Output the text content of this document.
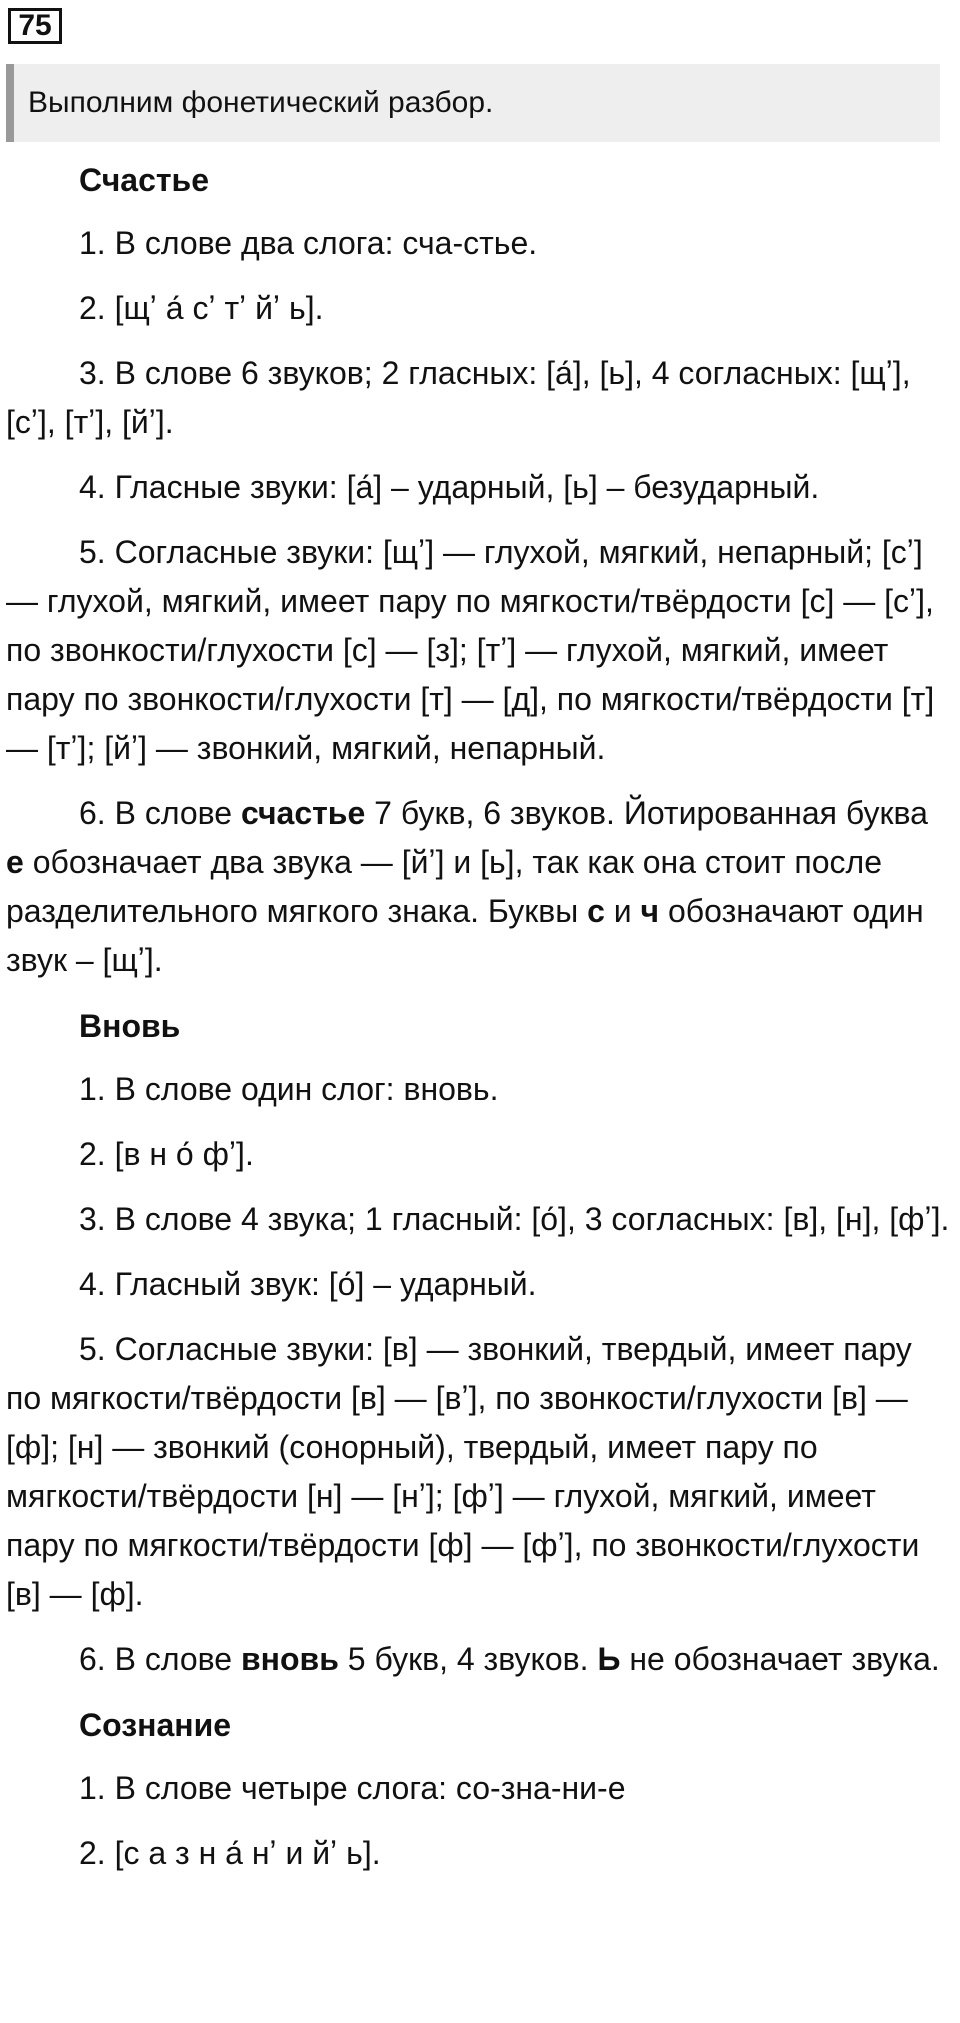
75
Выполним фонетический разбор.
Счастье

1. В слове два слога: сча-стье.

2. [щʼ а́ сʼ тʼ йʼ ь].

3. В слове 6 звуков; 2 гласных: [а́], [ь], 4 согласных: [щʼ], [сʼ], [тʼ], [йʼ].

4. Гласные звуки: [а́] – ударный, [ь] – безударный.

5. Согласные звуки: [щʼ] — глухой, мягкий, непарный; [сʼ] — глухой, мягкий, имеет пару по мягкости/твёрдости [с] — [сʼ], по звонкости/глухости [с] — [з]; [тʼ] — глухой, мягкий, имеет пару по звонкости/глухости [т] — [д], по мягкости/твёрдости [т] — [тʼ]; [йʼ] — звонкий, мягкий, непарный.

6. В слове счастье 7 букв, 6 звуков. Йотированная буква е обозначает два звука — [йʼ] и [ь], так как она стоит после разделительного мягкого знака. Буквы с и ч обозначают один звук – [щʼ].

Вновь

1. В слове один слог: вновь.

2. [в н о́ фʼ].

3. В слове 4 звука; 1 гласный: [о́], 3 согласных: [в], [н], [фʼ].

4. Гласный звук: [о́] – ударный.

5. Согласные звуки: [в] — звонкий, твердый, имеет пару по мягкости/твёрдости [в] — [вʼ], по звонкости/глухости [в] — [ф]; [н] — звонкий (сонорный), твердый, имеет пару по мягкости/твёрдости [н] — [нʼ]; [фʼ] — глухой, мягкий, имеет пару по мягкости/твёрдости [ф] — [фʼ], по звонкости/глухости [в] — [ф].

6. В слове вновь 5 букв, 4 звуков. Ь не обозначает звука.

Сознание

1. В слове четыре слога: со-зна-ни-е

2. [с а з н а́ нʼ и йʼ ь].
